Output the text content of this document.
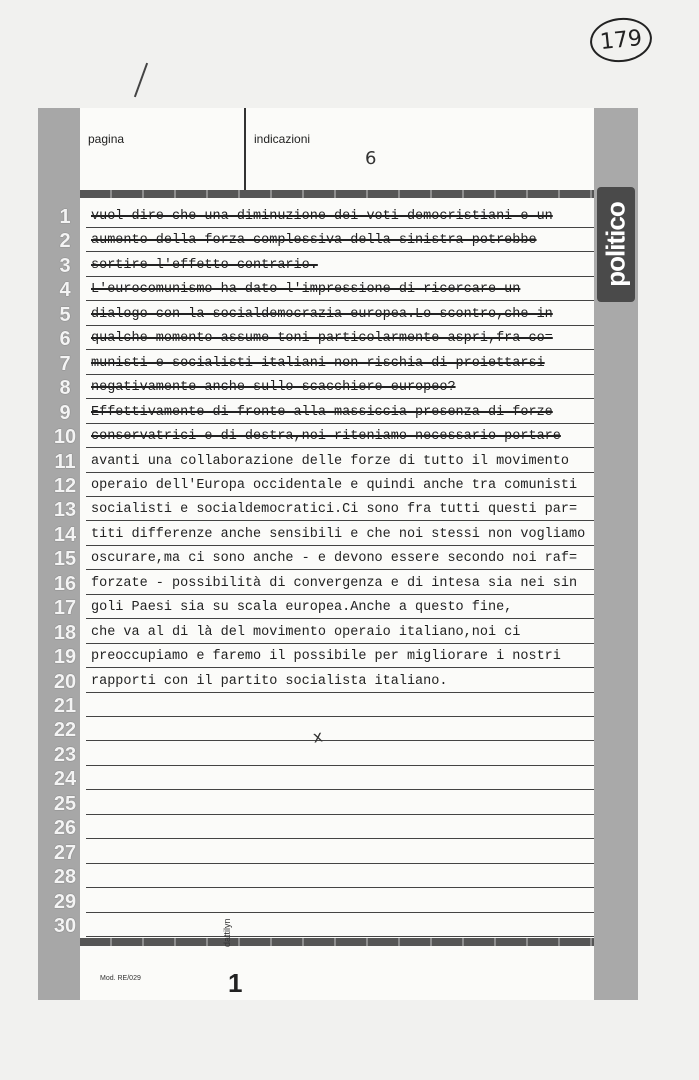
179
politico
pagina	indicazioni
6
1	vuol dire che una diminuzione dei voti democristiani e un
2	aumento della forza complessiva della sinistra potrebbe
3	sortire l'effetto contrario.
4	L'eurocomunismo ha dato l'impressione di ricercare un
5	dialogo con la socialdemocrazia europea.Lo scontro,che in
6	qualche momento assume toni particolarmente aspri,fra co=
7	munisti e socialisti italiani non rischia di proiettarsi
8	negativamente anche sullo scacchiere europeo?
9	Effettivamente di fronte alla massiccia presenza di forze
10 conservatrici e di destra,noi riteniamo necessario portare
11 avanti una collaborazione delle forze di tutto il movimento
12 operaio dell'Europa occidentale e quindi anche tra comunisti
13 socialisti e socialdemocratici.Ci sono fra tutti questi par=
14 titi differenze anche sensibili e che noi stessi non vogliamo
15 oscurare,ma ci sono anche - e devono essere secondo noi raf=
16 forzate - possibilità di convergenza e di intesa sia nei sin
17 goli Paesi sia su scala europea.Anche a questo fine,
18 che va al di là del movimento operaio italiano,noi ci
19 preoccupiamo e faremo il possibile per migliorare i nostri
20 rapporti con il partito socialista italiano.
21
22
23
24
25
26
27
28
29
30
x
Mod. RE/029
dattilyn
1
